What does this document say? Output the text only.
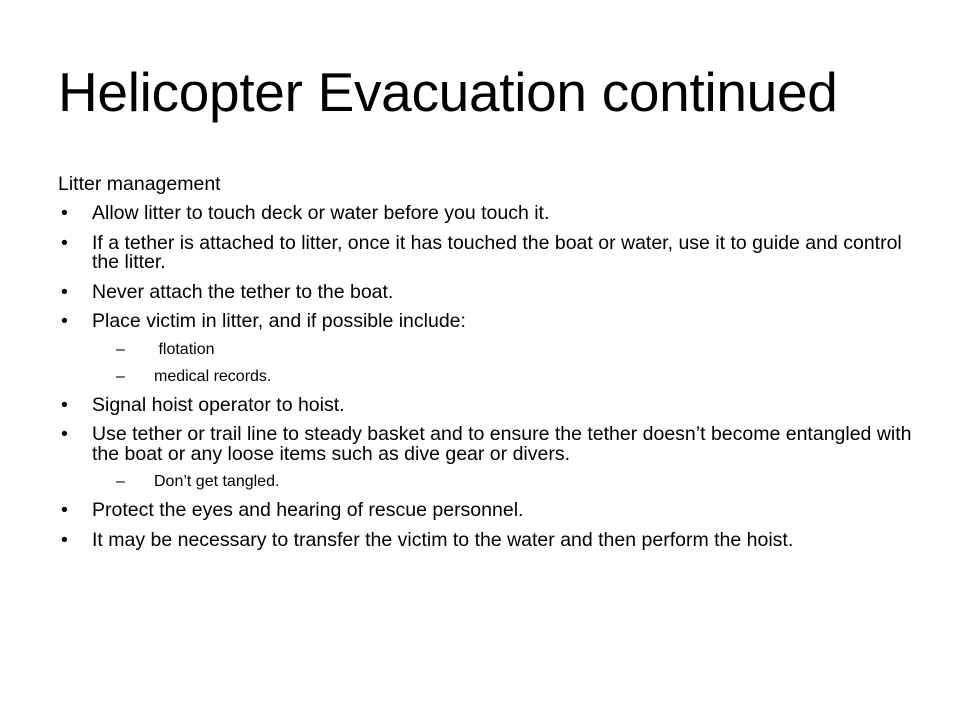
Helicopter Evacuation continued

Litter management

• Allow litter to touch deck or water before you touch it.
• If a tether is attached to litter, once it has touched the boat or water, use it to guide and control the litter.
• Never attach the tether to the boat.
• Place victim in litter, and if possible include:
– flotation
– medical records.
• Signal hoist operator to hoist.
• Use tether or trail line to steady basket and to ensure the tether doesn’t become entangled with the boat or any loose items such as dive gear or divers.
– Don’t get tangled.
• Protect the eyes and hearing of rescue personnel.
• It may be necessary to transfer the victim to the water and then perform the hoist.
